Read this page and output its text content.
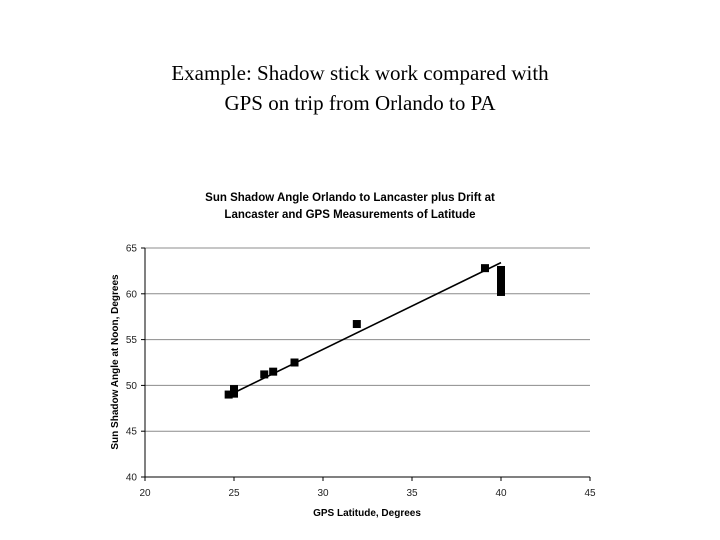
Example: Shadow stick work compared with
GPS on trip from Orlando to PA
Sun Shadow Angle Orlando to Lancaster plus Drift at
Lancaster and GPS Measurements of Latitude
GPS Latitude, Degrees
Sun Shadow Angle at Noon, Degrees
40
45
50
55
60
65
20	25	30	35	40	45
